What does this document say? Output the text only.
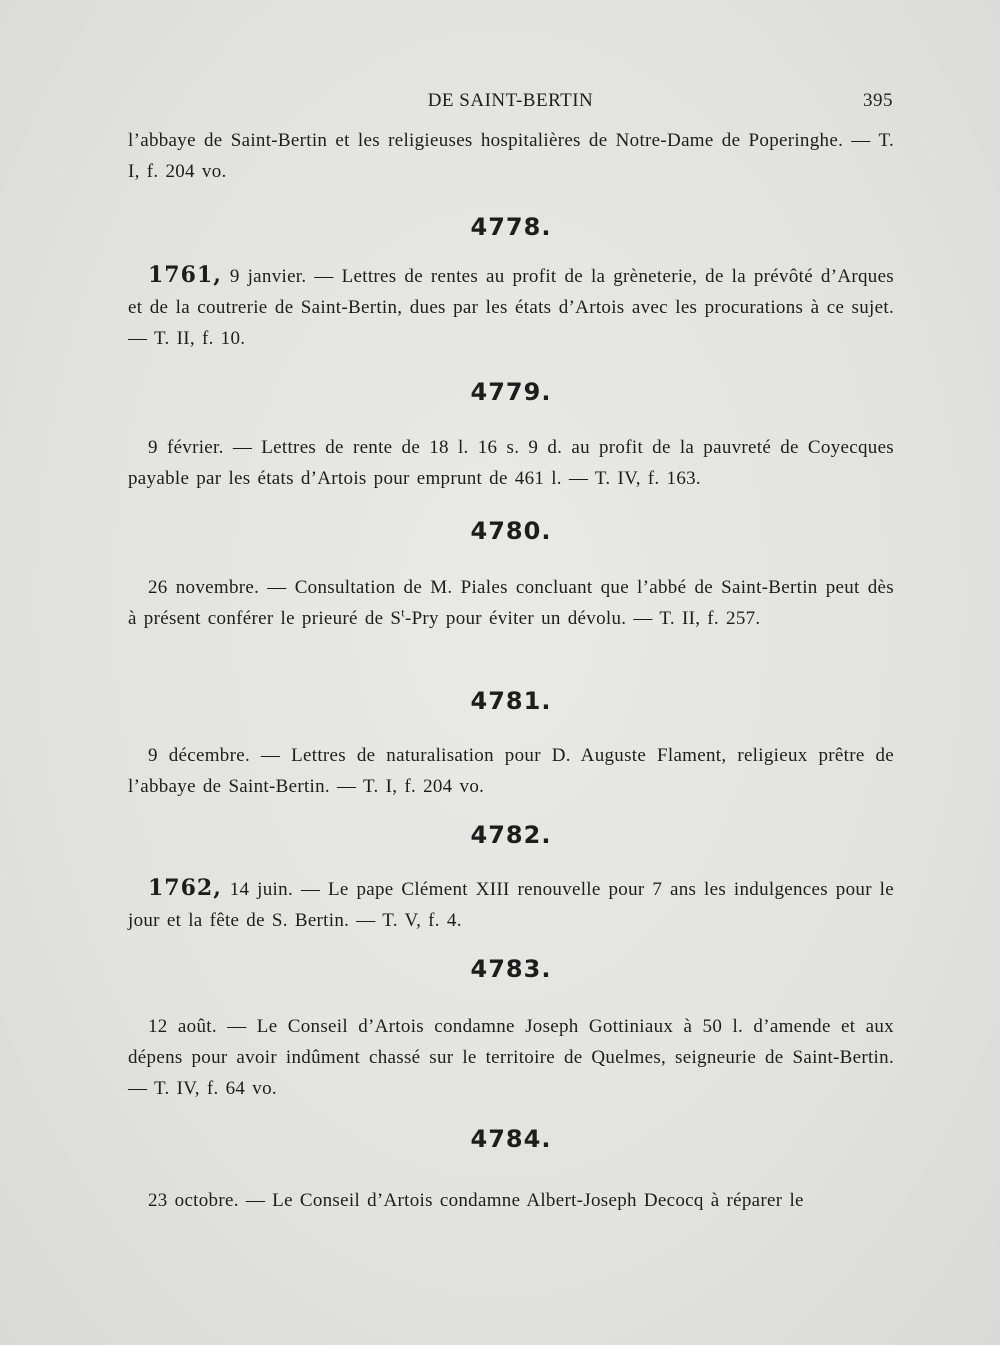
DE SAINT-BERTIN	395

l’abbaye de Saint-Bertin et les religieuses hospitalières de Notre-Dame de Poperinghe. — T. I, f. 204 vo.

4778.

1761, 9 janvier. — Lettres de rentes au profit de la grèneterie, de la prévôté d’Arques et de la coutrerie de Saint-Bertin, dues par les états d’Artois avec les procurations à ce sujet. — T. II, f. 10.

4779.

9 février. — Lettres de rente de 18 l. 16 s. 9 d. au profit de la pauvreté de Coyecques payable par les états d’Artois pour emprunt de 461 l. — T. IV, f. 163.

4780.

26 novembre. — Consultation de M. Piales concluant que l’abbé de Saint-Bertin peut dès à présent conférer le prieuré de $S^t$-Pry pour éviter un dévolu. — T. II, f. 257.

4781.

9 décembre. — Lettres de naturalisation pour D. Auguste Flament, religieux prêtre de l’abbaye de Saint-Bertin. — T. I, f. 204 vo.

4782.

1762, 14 juin. — Le pape Clément XIII renouvelle pour 7 ans les indulgences pour le jour et la fête de S. Bertin. — T. V, f. 4.

4783.

12 août. — Le Conseil d’Artois condamne Joseph Gottiniaux à 50 l. d’amende et aux dépens pour avoir indûment chassé sur le territoire de Quelmes, seigneurie de Saint-Bertin. — T. IV, f. 64 vo.

4784.

23 octobre. — Le Conseil d’Artois condamne Albert-Joseph Decocq à réparer le
